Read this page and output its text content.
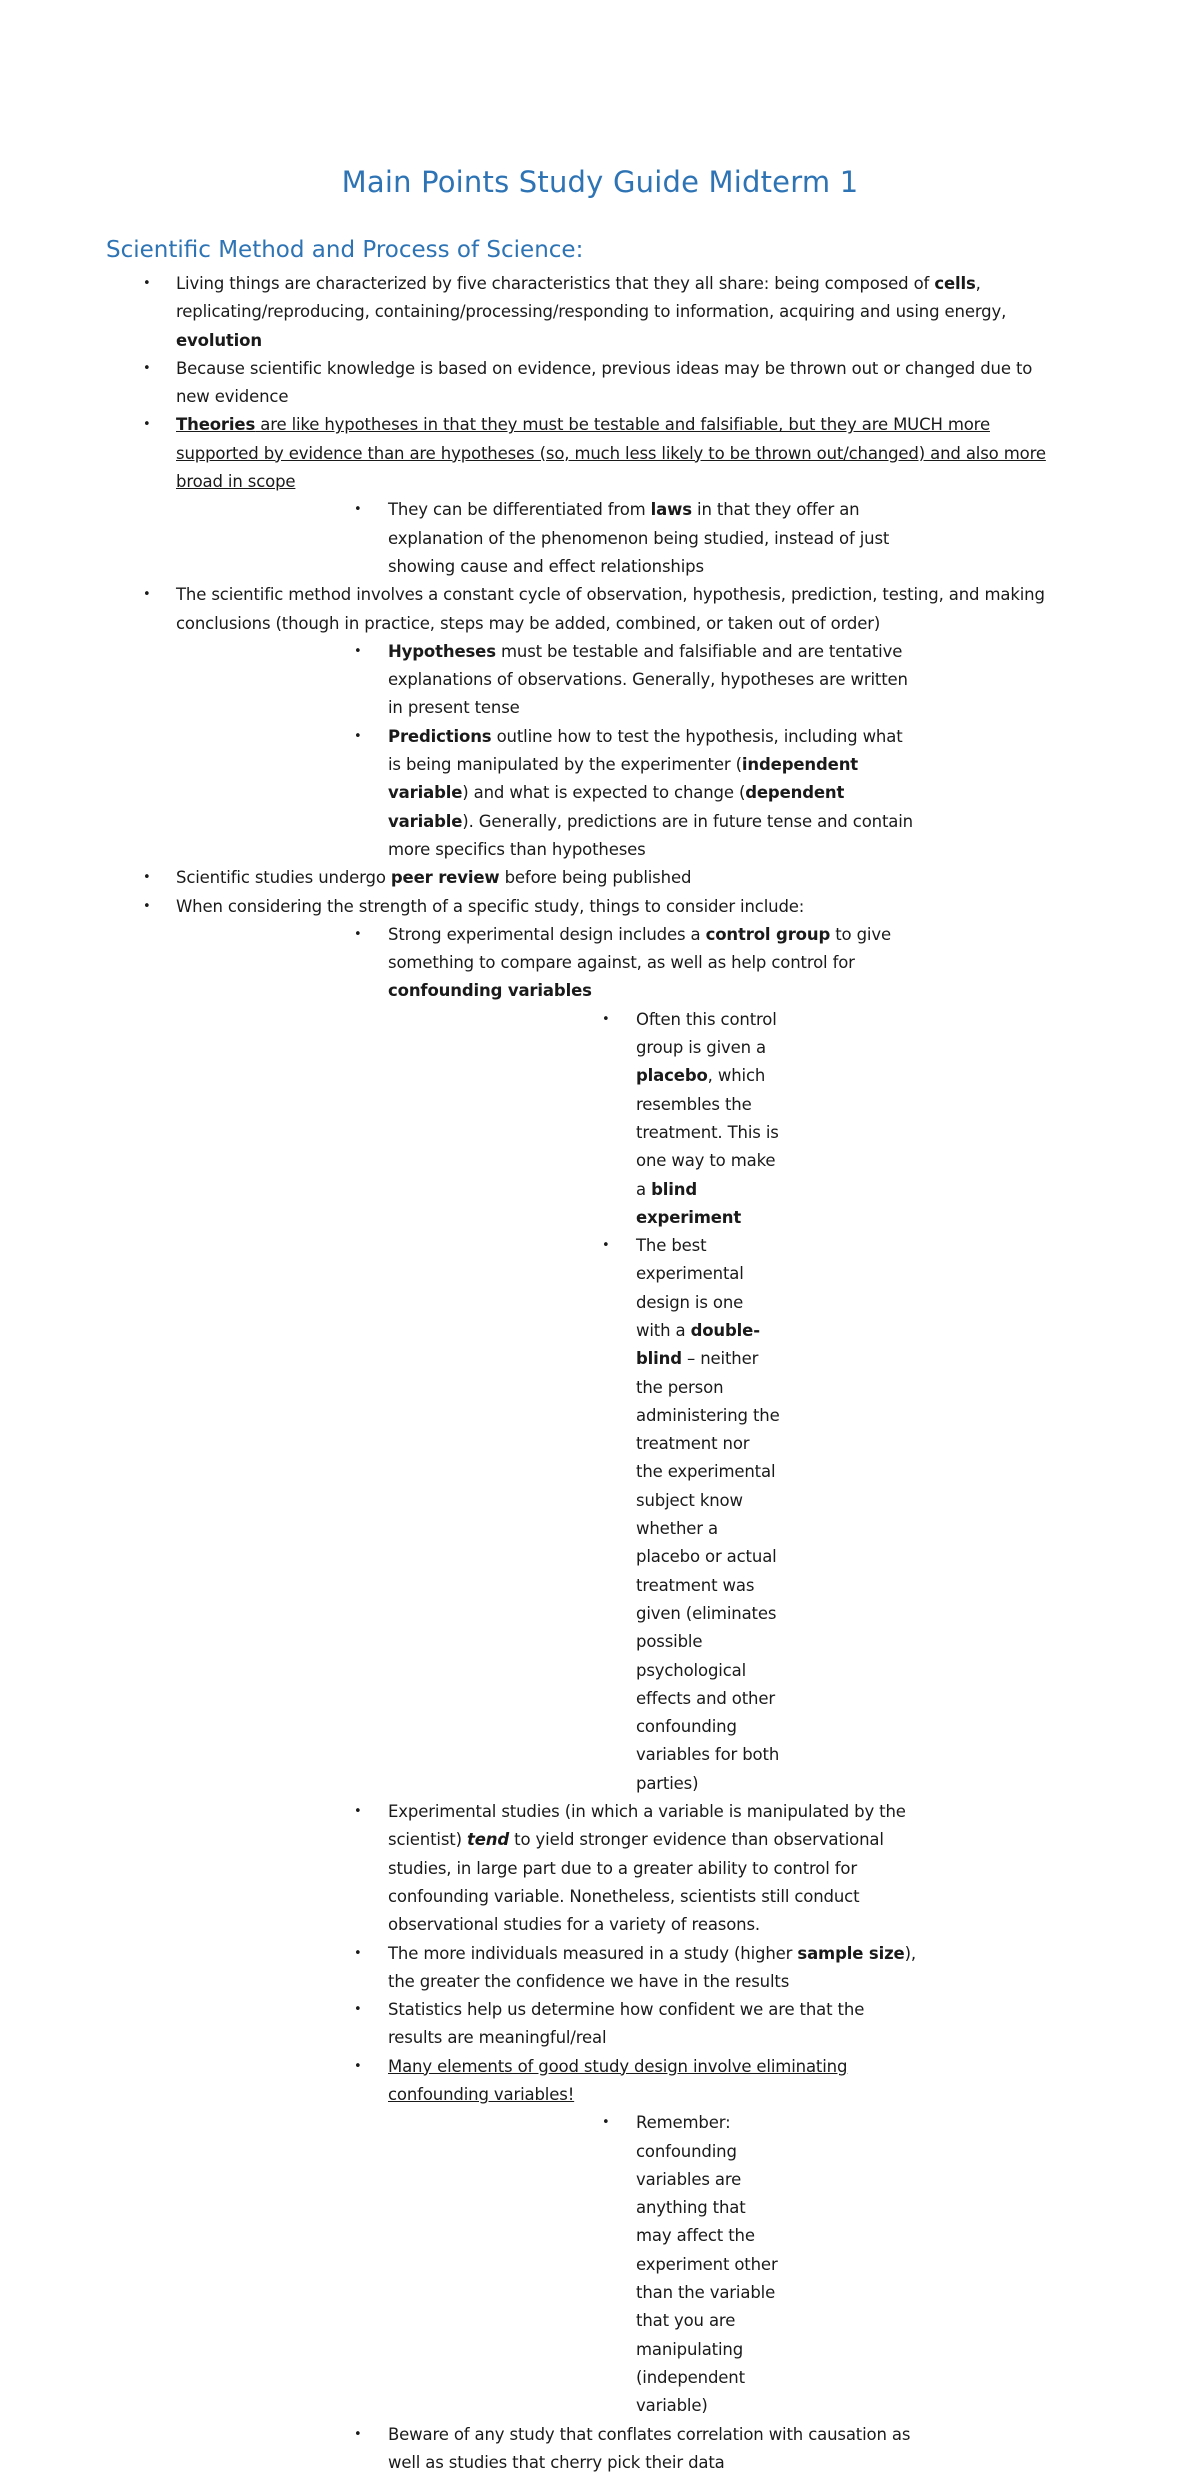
Main Points Study Guide Midterm 1
Scientific Method and Process of Science:
• Living things are characterized by five characteristics that they all share: being composed of cells, replicating/reproducing, containing/processing/responding to information, acquiring and using energy, evolution
• Because scientific knowledge is based on evidence, previous ideas may be thrown out or changed due to new evidence
• Theories are like hypotheses in that they must be testable and falsifiable, but they are MUCH more supported by evidence than are hypotheses (so, much less likely to be thrown out/changed) and also more broad in scope
• They can be differentiated from laws in that they offer an explanation of the phenomenon being studied, instead of just showing cause and effect relationships
• The scientific method involves a constant cycle of observation, hypothesis, prediction, testing, and making conclusions (though in practice, steps may be added, combined, or taken out of order)
• Hypotheses must be testable and falsifiable and are tentative explanations of observations. Generally, hypotheses are written in present tense
• Predictions outline how to test the hypothesis, including what is being manipulated by the experimenter (independent variable) and what is expected to change (dependent variable). Generally, predictions are in future tense and contain more specifics than hypotheses
• Scientific studies undergo peer review before being published
• When considering the strength of a specific study, things to consider include:
• Strong experimental design includes a control group to give something to compare against, as well as help control for confounding variables
• Often this control group is given a placebo, which resembles the treatment. This is one way to make a blind experiment
• The best experimental design is one with a double-blind – neither the person administering the treatment nor the experimental subject know whether a placebo or actual treatment was given (eliminates possible psychological effects and other confounding variables for both parties)
• Experimental studies (in which a variable is manipulated by the scientist) tend to yield stronger evidence than observational studies, in large part due to a greater ability to control for confounding variable. Nonetheless, scientists still conduct observational studies for a variety of reasons.
• The more individuals measured in a study (higher sample size), the greater the confidence we have in the results
• Statistics help us determine how confident we are that the results are meaningful/real
• Many elements of good study design involve eliminating confounding variables!
• Remember: confounding variables are anything that may affect the experiment other than the variable that you are manipulating (independent variable)
• Beware of any study that conflates correlation with causation as well as studies that cherry pick their data
